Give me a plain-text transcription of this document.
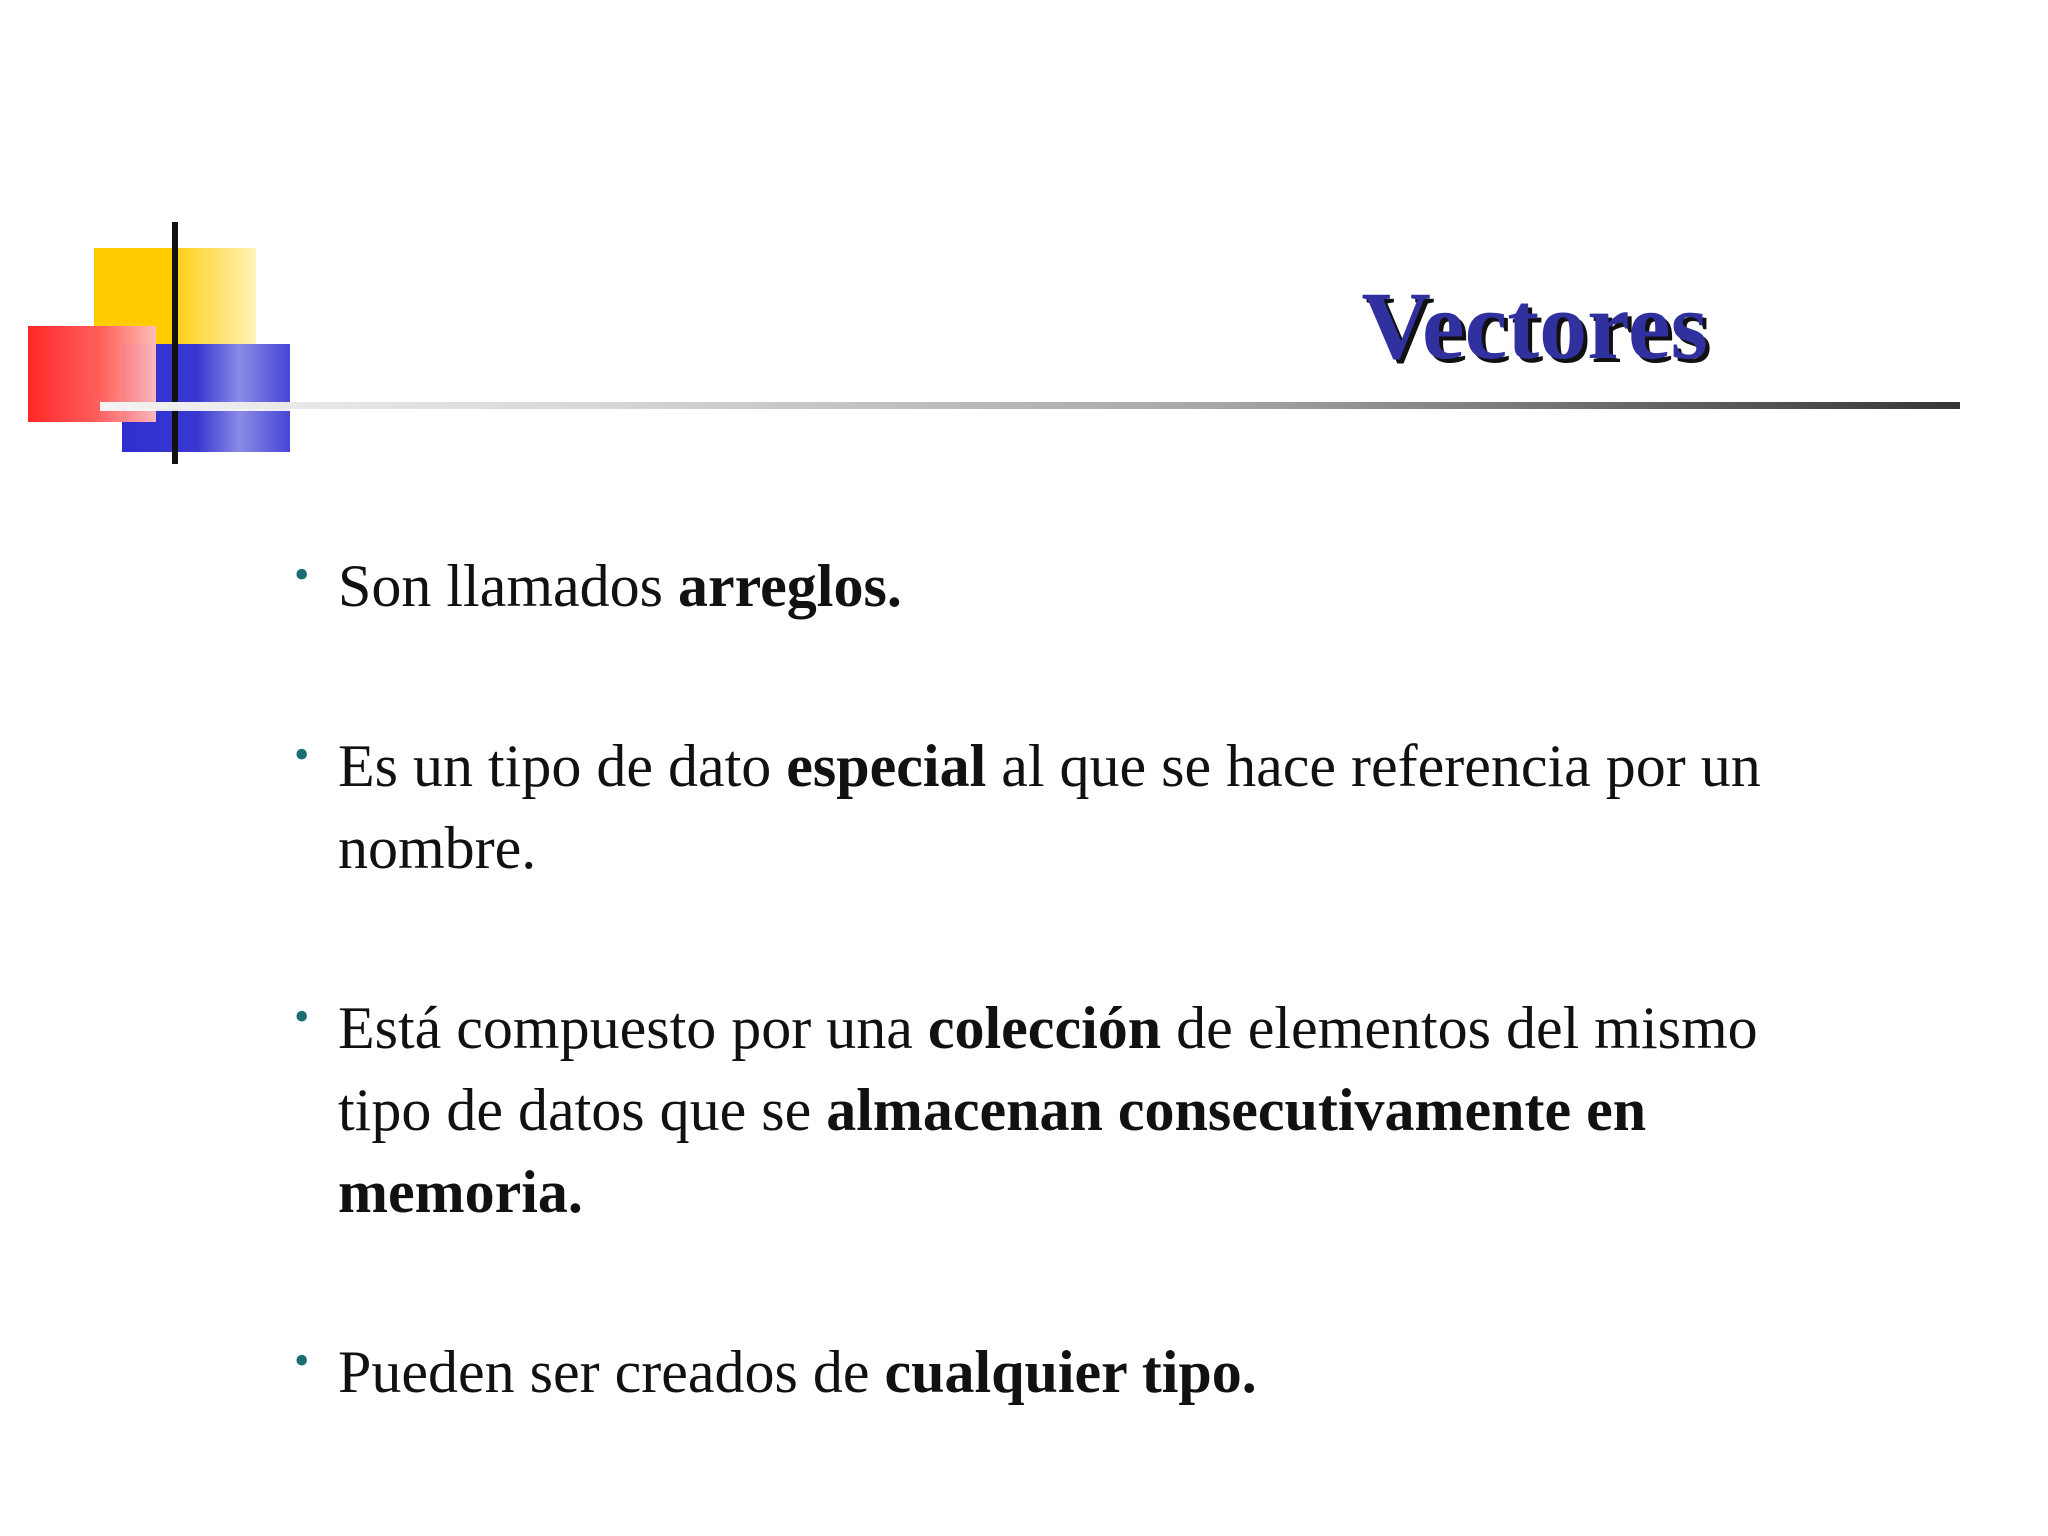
Vectores
• Son llamados arreglos.
• Es un tipo de dato especial al que se hace referencia por un nombre.
• Está compuesto por una colección de elementos del mismo tipo de datos que se almacenan consecutivamente en memoria.
• Pueden ser creados de cualquier tipo.
